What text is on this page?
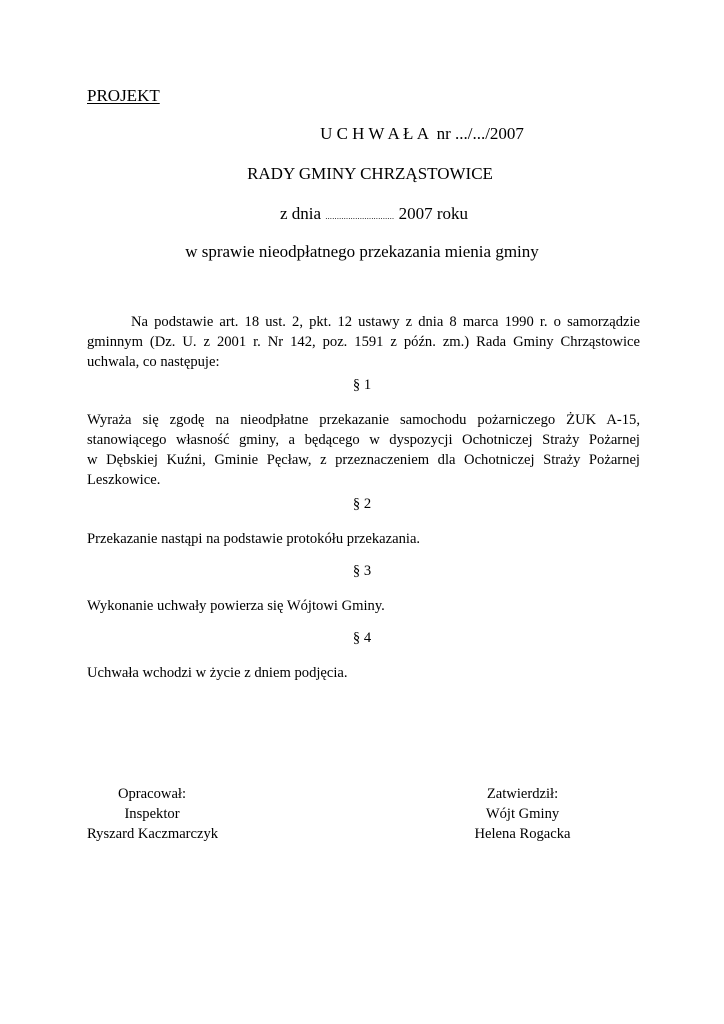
PROJEKT
U C H W A Ł A  nr .../.../2007
RADY GMINY CHRZĄSTOWICE
z dnia .............................. 2007 roku
w sprawie nieodpłatnego przekazania mienia gminy
Na podstawie art. 18 ust. 2, pkt. 12 ustawy z dnia 8 marca 1990 r. o samorządzie
gminnym (Dz. U. z 2001 r. Nr 142, poz. 1591 z późn. zm.) Rada Gminy Chrząstowice
uchwala, co następuje:
§ 1
Wyraża się zgodę na nieodpłatne przekazanie samochodu pożarniczego ŻUK A-15,
stanowiącego własność gminy, a będącego w dyspozycji Ochotniczej Straży Pożarnej
w Dębskiej Kuźni, Gminie Pęcław, z przeznaczeniem dla Ochotniczej Straży Pożarnej
Leszkowice.
§ 2
Przekazanie nastąpi na podstawie protokółu przekazania.
§ 3
Wykonanie uchwały powierza się Wójtowi Gminy.
§ 4
Uchwała wchodzi w życie z dniem podjęcia.
Opracował:
Inspektor
Ryszard Kaczmarczyk
Zatwierdził:
Wójt Gminy
Helena Rogacka
